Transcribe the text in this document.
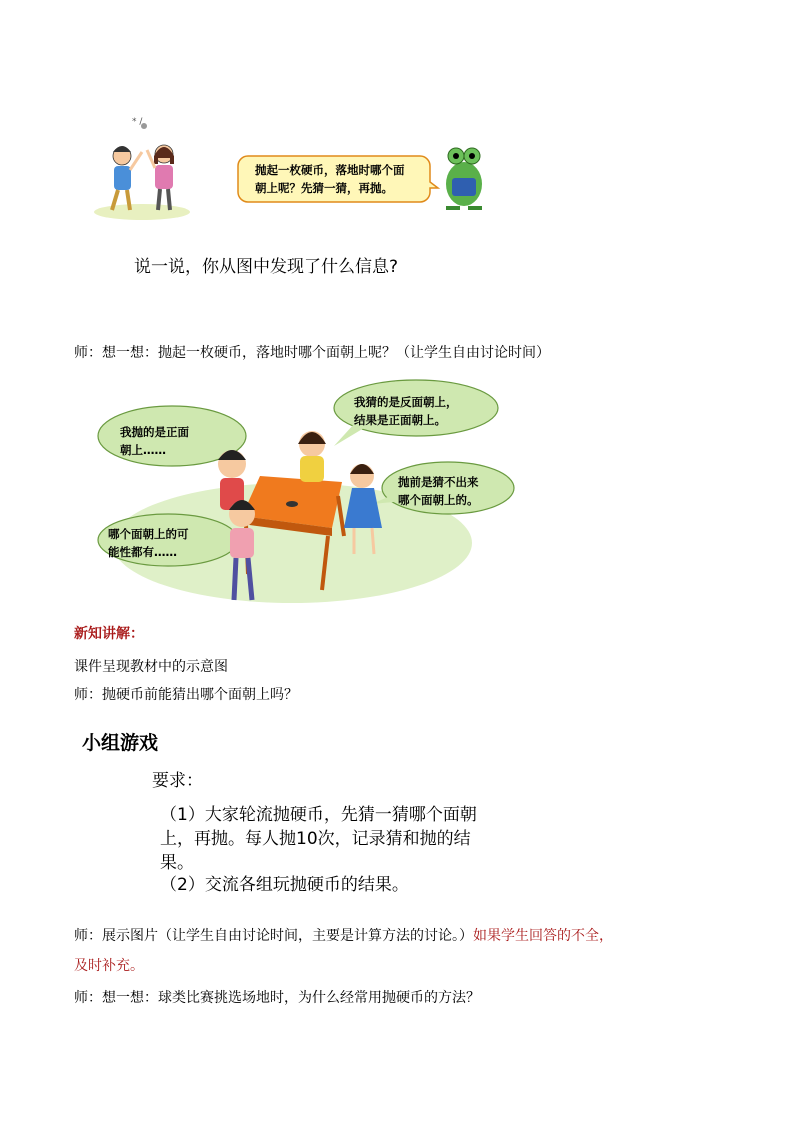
* /
抛起一枚硬币，落地时哪个面
朝上呢？先猜一猜，再抛。
说一说，你从图中发现了什么信息?
师：想一想：抛起一枚硬币，落地时哪个面朝上呢？（让学生自由讨论时间）
我抛的是正面
朝上……
我猜的是反面朝上，
结果是正面朝上。
抛前是猜不出来
哪个面朝上的。
哪个面朝上的可
能性都有……
新知讲解：
课件呈现教材中的示意图
师：抛硬币前能猜出哪个面朝上吗？
小组游戏
要求：
（1）大家轮流抛硬币，先猜一猜哪个面朝
上，再抛。每人抛10次，记录猜和抛的结
果。
（2）交流各组玩抛硬币的结果。
师：展示图片（让学生自由讨论时间，主要是计算方法的讨论。）如果学生回答的不全，
及时补充。
师：想一想：球类比赛挑选场地时，为什么经常用抛硬币的方法？
